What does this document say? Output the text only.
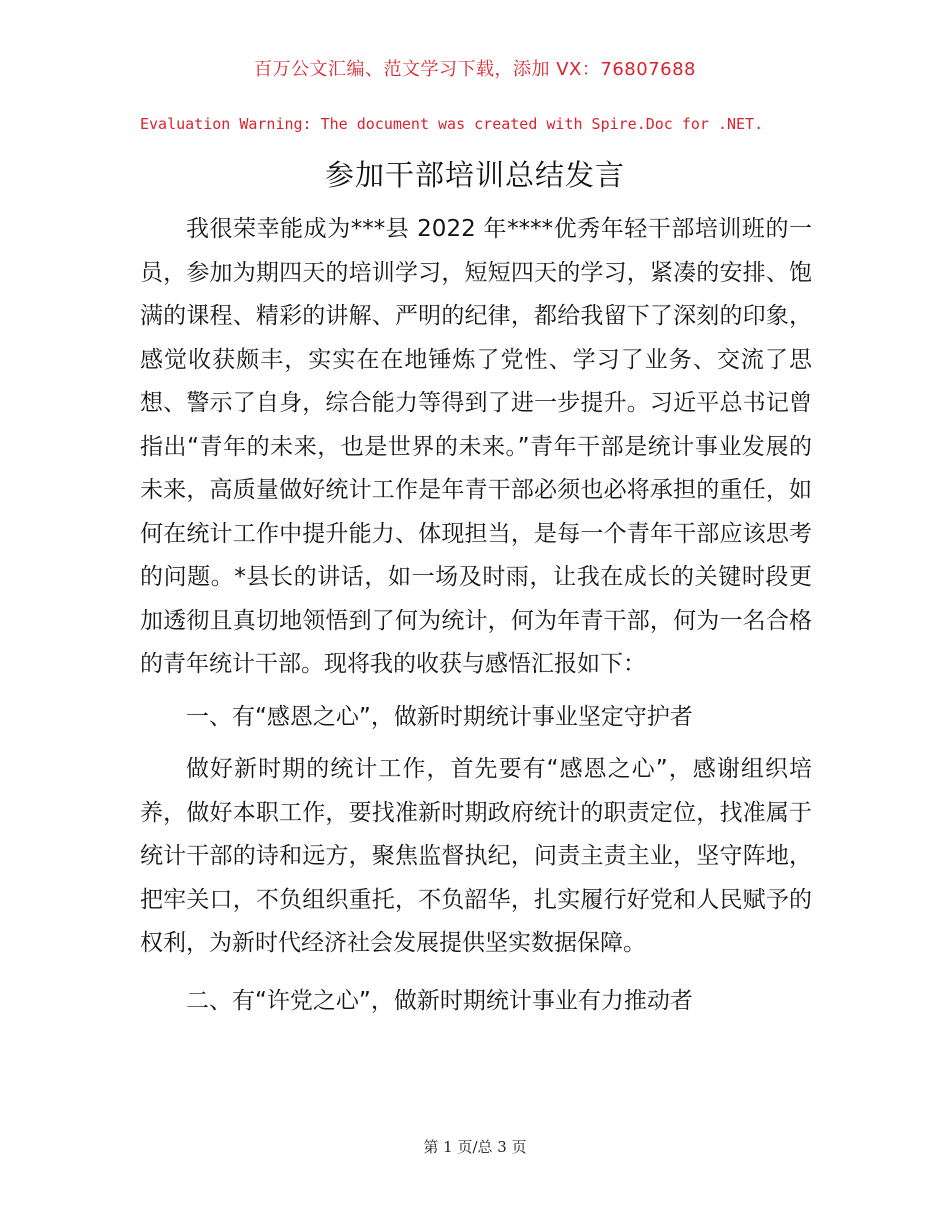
百万公文汇编、范文学习下载，添加 VX：76807688
Evaluation Warning: The document was created with Spire.Doc for .NET.
参加干部培训总结发言

我很荣幸能成为***县 2022 年****优秀年轻干部培训班的一员，参加为期四天的培训学习，短短四天的学习，紧凑的安排、饱满的课程、精彩的讲解、严明的纪律，都给我留下了深刻的印象，感觉收获颇丰，实实在在地锤炼了党性、学习了业务、交流了思想、警示了自身，综合能力等得到了进一步提升。习近平总书记曾指出“青年的未来，也是世界的未来。”青年干部是统计事业发展的未来，高质量做好统计工作是年青干部必须也必将承担的重任，如何在统计工作中提升能力、体现担当，是每一个青年干部应该思考的问题。*县长的讲话，如一场及时雨，让我在成长的关键时段更加透彻且真切地领悟到了何为统计，何为年青干部，何为一名合格的青年统计干部。现将我的收获与感悟汇报如下：

一、有“感恩之心”，做新时期统计事业坚定守护者

做好新时期的统计工作，首先要有“感恩之心”，感谢组织培养，做好本职工作，要找准新时期政府统计的职责定位，找准属于统计干部的诗和远方，聚焦监督执纪，问责主责主业，坚守阵地，把牢关口，不负组织重托，不负韶华，扎实履行好党和人民赋予的权利，为新时代经济社会发展提供坚实数据保障。

二、有“许党之心”，做新时期统计事业有力推动者

第 1 页/总 3 页
